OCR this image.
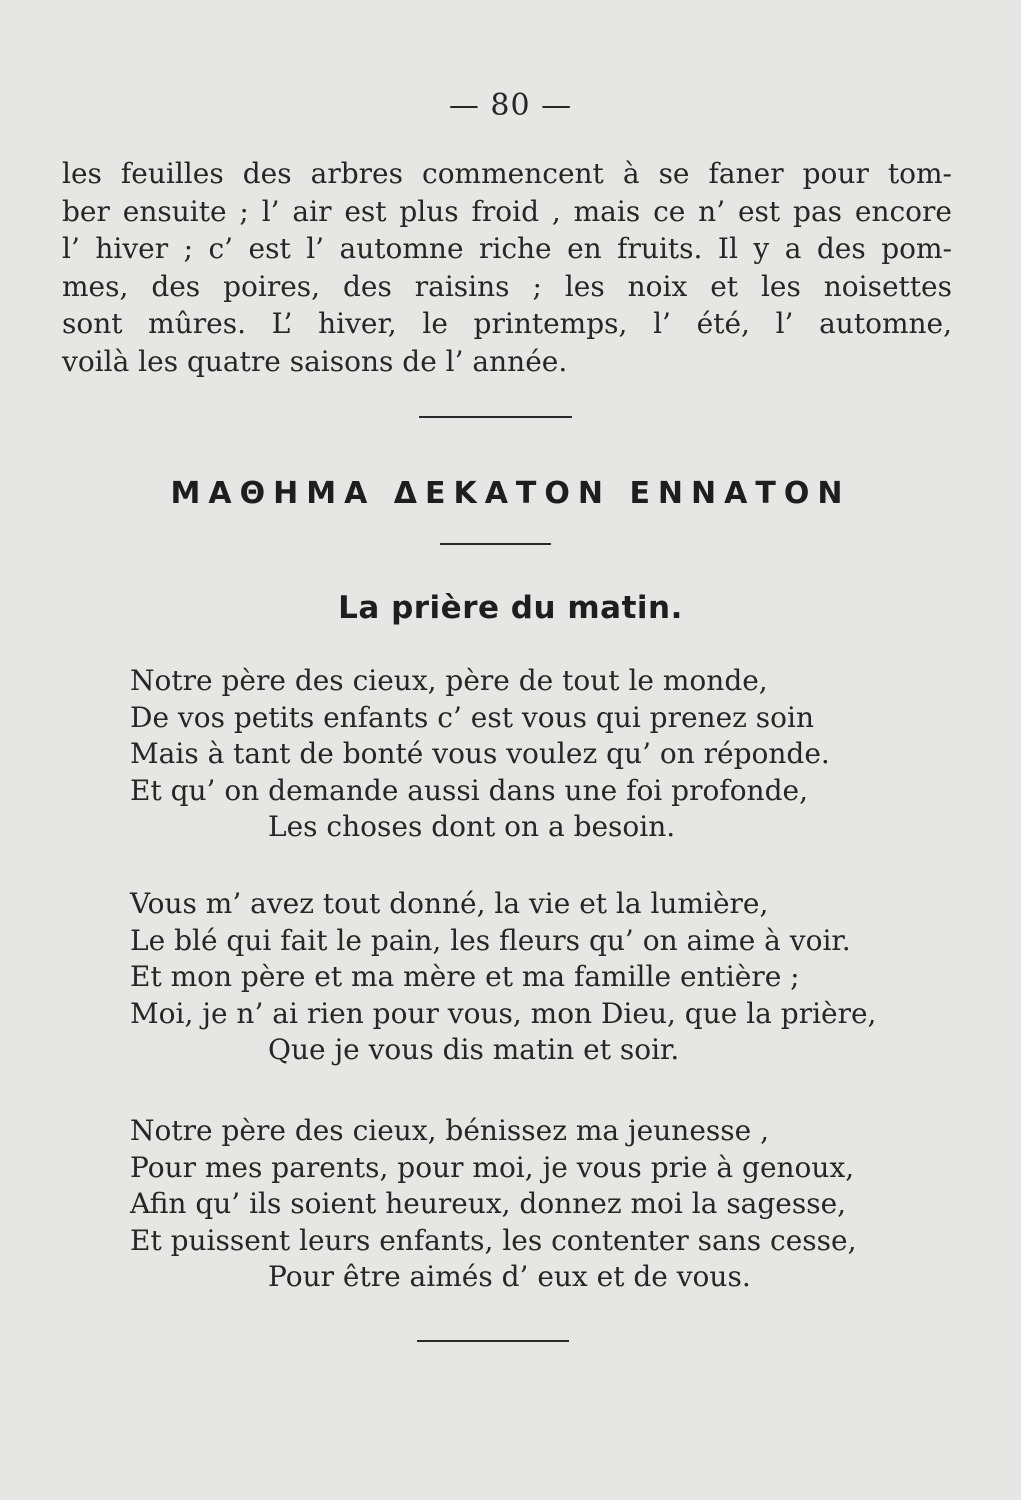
— 80 —
les feuilles des arbres commencent à se faner pour tom-
ber ensuite ; l’ air est plus froid , mais ce n’ est pas encore
l’ hiver ; c’ est l’ automne riche en fruits. Il y a des pom-
mes, des poires, des raisins ; les noix et les noisettes
sont mûres. L’ hiver, le printemps, l’ été, l’ automne,
voilà les quatre saisons de l’ année.
ΜΑΘΗΜΑ ΔΕΚΑΤΟΝ ΕΝΝΑΤΟΝ
La prière du matin.
Notre père des cieux, père de tout le monde,
De vos petits enfants c’ est vous qui prenez soin
Mais à tant de bonté vous voulez qu’ on réponde.
Et qu’ on demande aussi dans une foi profonde,
Les choses dont on a besoin.
Vous m’ avez tout donné, la vie et la lumière,
Le blé qui fait le pain, les fleurs qu’ on aime à voir.
Et mon père et ma mère et ma famille entière ;
Moi, je n’ ai rien pour vous, mon Dieu, que la prière,
Que je vous dis matin et soir.
Notre père des cieux, bénissez ma jeunesse ,
Pour mes parents, pour moi, je vous prie à genoux,
Afin qu’ ils soient heureux, donnez moi la sagesse,
Et puissent leurs enfants, les contenter sans cesse,
Pour être aimés d’ eux et de vous.
